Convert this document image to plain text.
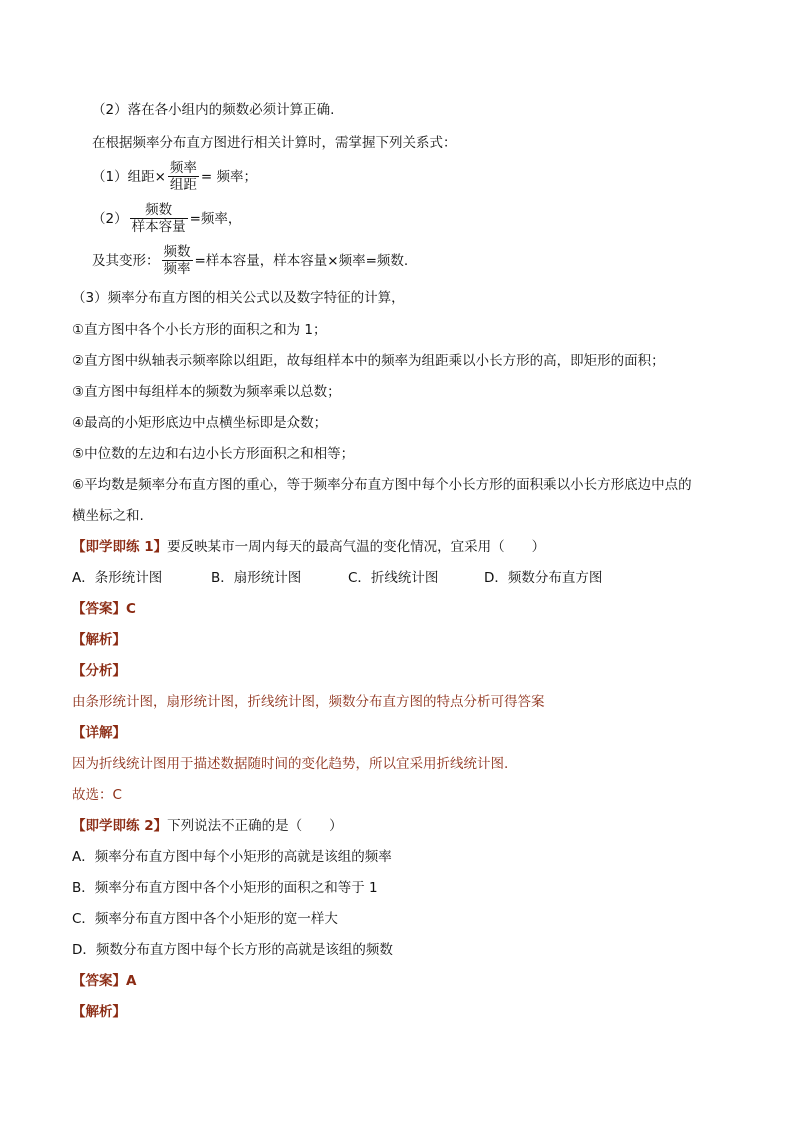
（2）落在各小组内的频数必须计算正确.
在根据频率分布直方图进行相关计算时，需掌握下列关系式：
（1）组距× $\frac{\text{频率}}{\text{组距}}$ = 频率；
$(2) \frac{\text{频数}}{\text{样本容量}}$ =频率，
及其变形： $\frac{\text{频数}}{\text{频率}}$ =样本容量，样本容量×频率=频数.
（3）频率分布直方图的相关公式以及数字特征的计算，
①直方图中各个小长方形的面积之和为 1；
②直方图中纵轴表示频率除以组距，故每组样本中的频率为组距乘以小长方形的高，即矩形的面积；
③直方图中每组样本的频数为频率乘以总数；
④最高的小矩形底边中点横坐标即是众数；
⑤中位数的左边和右边小长方形面积之和相等；
⑥平均数是频率分布直方图的重心，等于频率分布直方图中每个小长方形的面积乘以小长方形底边中点的
横坐标之和.
【即学即练 1】要反映某市一周内每天的最高气温的变化情况，宜采用（　　）
A．条形统计图	B．扇形统计图	C．折线统计图	D．频数分布直方图
【答案】C
【解析】
【分析】
由条形统计图，扇形统计图，折线统计图，频数分布直方图的特点分析可得答案
【详解】
因为折线统计图用于描述数据随时间的变化趋势，所以宜采用折线统计图.
故选：C
【即学即练 2】下列说法不正确的是（　　）
A．频率分布直方图中每个小矩形的高就是该组的频率
B．频率分布直方图中各个小矩形的面积之和等于 1
C．频率分布直方图中各个小矩形的宽一样大
D．频数分布直方图中每个长方形的高就是该组的频数
【答案】A
【解析】
